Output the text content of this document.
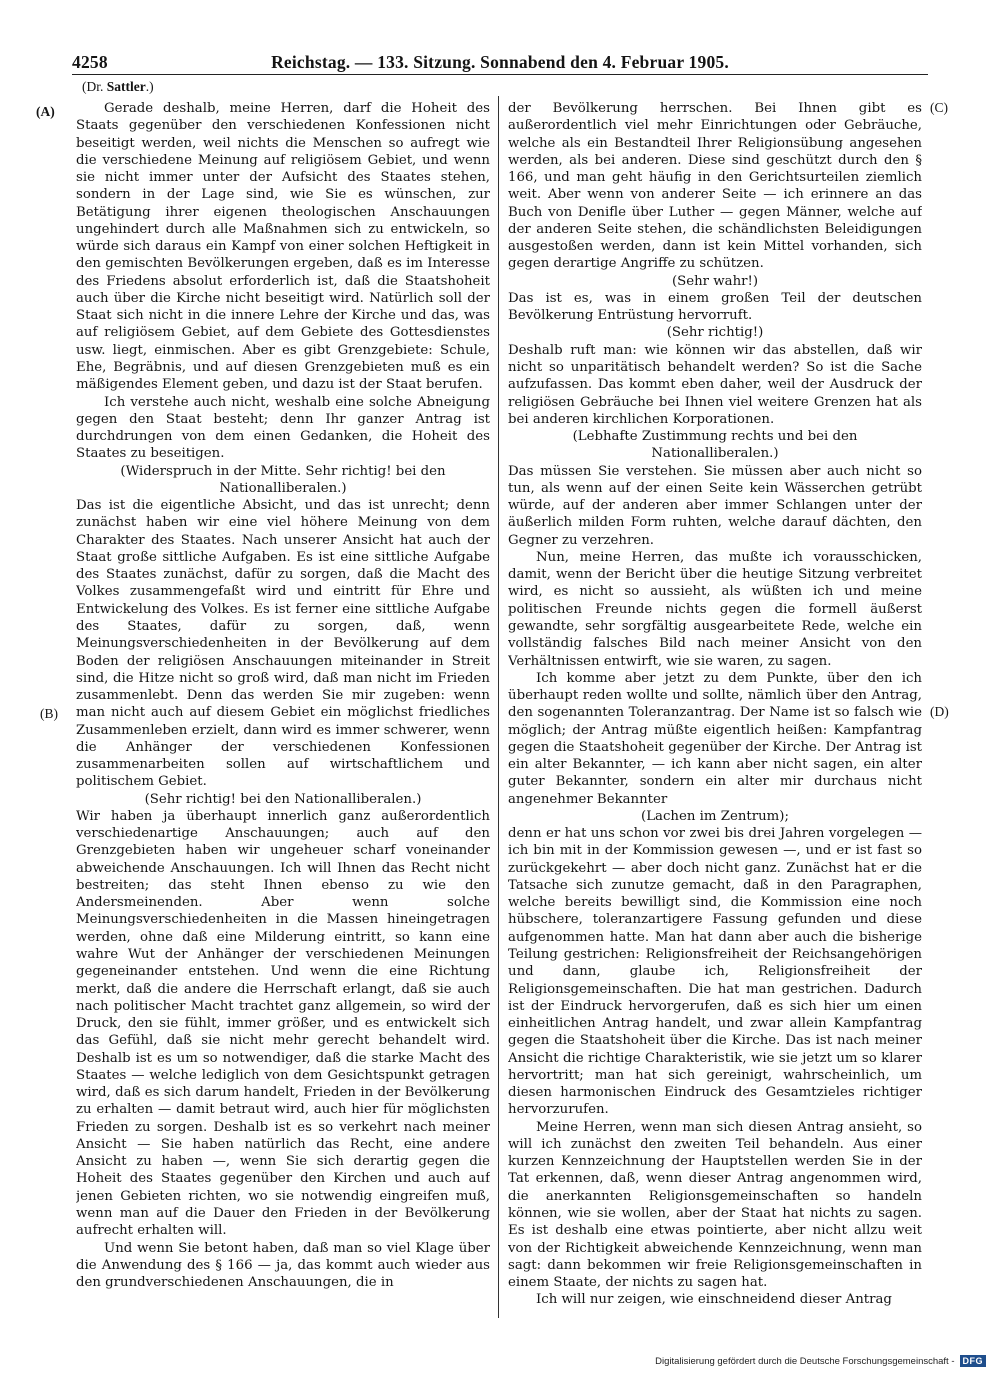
4258	Reichstag. — 133. Sitzung. Sonnabend den 4. Februar 1905.
(Dr. Sattler.)
(A)
(B)
(C)
(D)

Gerade deshalb, meine Herren, darf die Hoheit des Staats gegenüber den verschiedenen Konfessionen nicht beseitigt werden, weil nichts die Menschen so aufregt wie die verschiedene Meinung auf religiösem Gebiet, und wenn sie nicht immer unter der Aufsicht des Staates stehen, sondern in der Lage sind, wie Sie es wünschen, zur Betätigung ihrer eigenen theologischen Anschauungen ungehindert durch alle Maßnahmen sich zu entwickeln, so würde sich daraus ein Kampf von einer solchen Heftigkeit in den gemischten Bevölkerungen ergeben, daß es im Interesse des Friedens absolut erforderlich ist, daß die Staatshoheit auch über die Kirche nicht beseitigt wird. Natürlich soll der Staat sich nicht in die innere Lehre der Kirche und das, was auf religiösem Gebiet, auf dem Gebiete des Gottesdienstes usw. liegt, einmischen. Aber es gibt Grenzgebiete: Schule, Ehe, Begräbnis, und auf diesen Grenzgebieten muß es ein mäßigendes Element geben, und dazu ist der Staat berufen.

Ich verstehe auch nicht, weshalb eine solche Abneigung gegen den Staat besteht; denn Ihr ganzer Antrag ist durchdrungen von dem einen Gedanken, die Hoheit des Staates zu beseitigen.

(Widerspruch in der Mitte. Sehr richtig! bei den Nationalliberalen.)

Das ist die eigentliche Absicht, und das ist unrecht; denn zunächst haben wir eine viel höhere Meinung von dem Charakter des Staates. Nach unserer Ansicht hat auch der Staat große sittliche Aufgaben. Es ist eine sittliche Aufgabe des Staates zunächst, dafür zu sorgen, daß die Macht des Volkes zusammengefaßt wird und eintritt für Ehre und Entwickelung des Volkes. Es ist ferner eine sittliche Aufgabe des Staates, dafür zu sorgen, daß, wenn Meinungsverschiedenheiten in der Bevölkerung auf dem Boden der religiösen Anschauungen miteinander in Streit sind, die Hitze nicht so groß wird, daß man nicht im Frieden zusammenlebt. Denn das werden Sie mir zugeben: wenn man nicht auch auf diesem Gebiet ein möglichst friedliches Zusammenleben erzielt, dann wird es immer schwerer, wenn die Anhänger der verschiedenen Konfessionen zusammenarbeiten sollen auf wirtschaftlichem und politischem Gebiet.

(Sehr richtig! bei den Nationalliberalen.)

Wir haben ja überhaupt innerlich ganz außerordentlich verschiedenartige Anschauungen; auch auf den Grenzgebieten haben wir ungeheuer scharf voneinander abweichende Anschauungen. Ich will Ihnen das Recht nicht bestreiten; das steht Ihnen ebenso zu wie den Andersmeinenden. Aber wenn solche Meinungsverschiedenheiten in die Massen hineingetragen werden, ohne daß eine Milderung eintritt, so kann eine wahre Wut der Anhänger der verschiedenen Meinungen gegeneinander entstehen. Und wenn die eine Richtung merkt, daß die andere die Herrschaft erlangt, daß sie auch nach politischer Macht trachtet ganz allgemein, so wird der Druck, den sie fühlt, immer größer, und es entwickelt sich das Gefühl, daß sie nicht mehr gerecht behandelt wird. Deshalb ist es um so notwendiger, daß die starke Macht des Staates — welche lediglich von dem Gesichtspunkt getragen wird, daß es sich darum handelt, Frieden in der Bevölkerung zu erhalten — damit betraut wird, auch hier für möglichsten Frieden zu sorgen. Deshalb ist es so verkehrt nach meiner Ansicht — Sie haben natürlich das Recht, eine andere Ansicht zu haben —, wenn Sie sich derartig gegen die Hoheit des Staates gegenüber den Kirchen und auch auf jenen Gebieten richten, wo sie notwendig eingreifen muß, wenn man auf die Dauer den Frieden in der Bevölkerung aufrecht erhalten will.

Und wenn Sie betont haben, daß man so viel Klage über die Anwendung des § 166 — ja, das kommt auch wieder aus den grundverschiedenen Anschauungen, die in

der Bevölkerung herrschen. Bei Ihnen gibt es außerordentlich viel mehr Einrichtungen oder Gebräuche, welche als ein Bestandteil Ihrer Religionsübung angesehen werden, als bei anderen. Diese sind geschützt durch den § 166, und man geht häufig in den Gerichtsurteilen ziemlich weit. Aber wenn von anderer Seite — ich erinnere an das Buch von Denifle über Luther — gegen Männer, welche auf der anderen Seite stehen, die schändlichsten Beleidigungen ausgestoßen werden, dann ist kein Mittel vorhanden, sich gegen derartige Angriffe zu schützen.

(Sehr wahr!)

Das ist es, was in einem großen Teil der deutschen Bevölkerung Entrüstung hervorruft.

(Sehr richtig!)

Deshalb ruft man: wie können wir das abstellen, daß wir nicht so unparitätisch behandelt werden? So ist die Sache aufzufassen. Das kommt eben daher, weil der Ausdruck der religiösen Gebräuche bei Ihnen viel weitere Grenzen hat als bei anderen kirchlichen Korporationen.

(Lebhafte Zustimmung rechts und bei den Nationalliberalen.)

Das müssen Sie verstehen. Sie müssen aber auch nicht so tun, als wenn auf der einen Seite kein Wässerchen getrübt würde, auf der anderen aber immer Schlangen unter der äußerlich milden Form ruhten, welche darauf dächten, den Gegner zu verzehren.

Nun, meine Herren, das mußte ich vorausschicken, damit, wenn der Bericht über die heutige Sitzung verbreitet wird, es nicht so aussieht, als wüßten ich und meine politischen Freunde nichts gegen die formell äußerst gewandte, sehr sorgfältig ausgearbeitete Rede, welche ein vollständig falsches Bild nach meiner Ansicht von den Verhältnissen entwirft, wie sie waren, zu sagen.

Ich komme aber jetzt zu dem Punkte, über den ich überhaupt reden wollte und sollte, nämlich über den Antrag, den sogenannten Toleranzantrag. Der Name ist so falsch wie möglich; der Antrag müßte eigentlich heißen: Kampfantrag gegen die Staatshoheit gegenüber der Kirche. Der Antrag ist ein alter Bekannter, — ich kann aber nicht sagen, ein alter guter Bekannter, sondern ein alter mir durchaus nicht angenehmer Bekannter

(Lachen im Zentrum);

denn er hat uns schon vor zwei bis drei Jahren vorgelegen — ich bin mit in der Kommission gewesen —, und er ist fast so zurückgekehrt — aber doch nicht ganz. Zunächst hat er die Tatsache sich zunutze gemacht, daß in den Paragraphen, welche bereits bewilligt sind, die Kommission eine noch hübschere, toleranzartigere Fassung gefunden und diese aufgenommen hatte. Man hat dann aber auch die bisherige Teilung gestrichen: Religionsfreiheit der Reichsangehörigen und dann, glaube ich, Religionsfreiheit der Religionsgemeinschaften. Die hat man gestrichen. Dadurch ist der Eindruck hervorgerufen, daß es sich hier um einen einheitlichen Antrag handelt, und zwar allein Kampfantrag gegen die Staatshoheit über die Kirche. Das ist nach meiner Ansicht die richtige Charakteristik, wie sie jetzt um so klarer hervortritt; man hat sich gereinigt, wahrscheinlich, um diesen harmonischen Eindruck des Gesamtzieles richtiger hervorzurufen.

Meine Herren, wenn man sich diesen Antrag ansieht, so will ich zunächst den zweiten Teil behandeln. Aus einer kurzen Kennzeichnung der Hauptstellen werden Sie in der Tat erkennen, daß, wenn dieser Antrag angenommen wird, die anerkannten Religionsgemeinschaften so handeln können, wie sie wollen, aber der Staat hat nichts zu sagen. Es ist deshalb eine etwas pointierte, aber nicht allzu weit von der Richtigkeit abweichende Kennzeichnung, wenn man sagt: dann bekommen wir freie Religionsgemeinschaften in einem Staate, der nichts zu sagen hat.

Ich will nur zeigen, wie einschneidend dieser Antrag

Digitalisierung gefördert durch die Deutsche Forschungsgemeinschaft - DFG
